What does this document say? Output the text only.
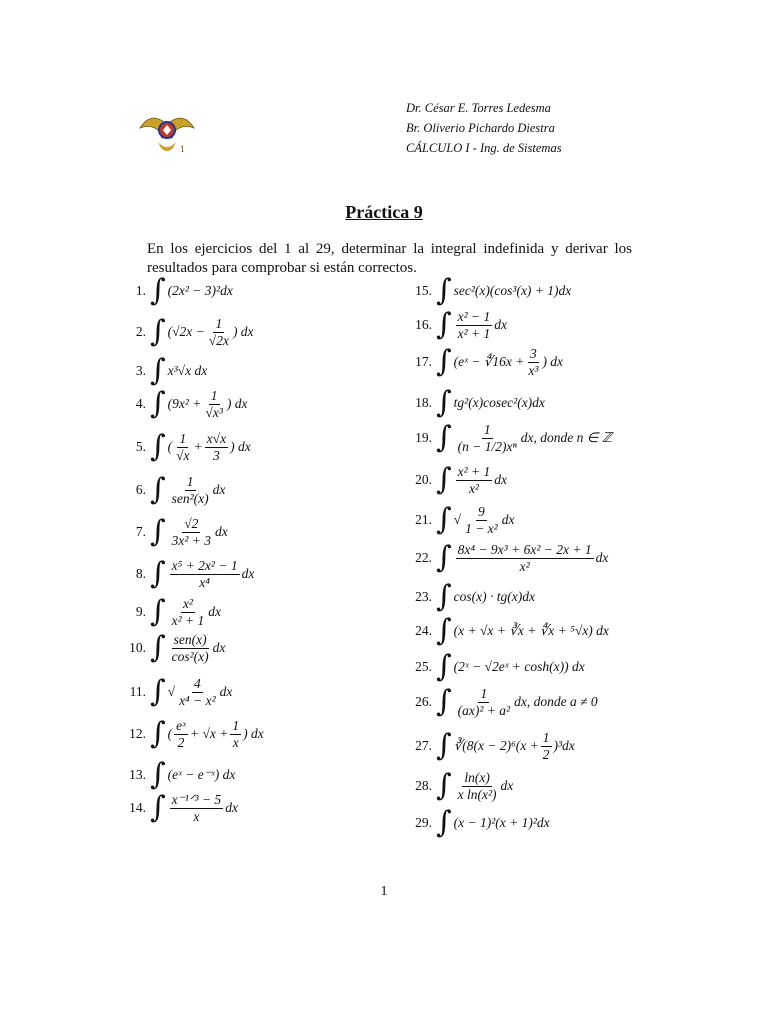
1
Dr. César E. Torres Ledesma
Br. Oliverio Pichardo Diestra
CÁLCULO I - Ing. de Sistemas
Práctica 9
En los ejercicios del 1 al 29, determinar la integral indefinida y derivar los resultados para comprobar si están correctos.
1. ∫ (2x² − 3)²dx
2. ∫ ($√2x - \frac{1}{√2x}$ ) dx
3. ∫ x³√x dx
4. ∫ ($9x^2 + \frac{1}{\text{√x³}}$ ) dx
5. ∫ ( $\frac{1}{√x} + \frac{x√x}{3}$ ) dx
6. ∫ $\frac{1}{\text{sen²(x)}}$ dx
7. ∫ $\frac{√2}{\text{3x² + 3}}$ dx
8. ∫ $\frac{\text{x⁵ + 2x² − 1}}{\text{x⁴}}$ dx
9. ∫ $\frac{\text{x²}}{\text{x² + 1}}$ dx
10. ∫ $\frac{\text{sen(x)}}{\text{cos²(x)}}$ dx
11. ∫ √ $\frac{4}{\text{x⁴ − x²}}$ dx
12. ∫ ( $\frac{\text{eˣ}}{2} + √x + \frac{1}{x}$ ) dx
13. ∫ (eˣ − e⁻ˣ) dx
14. ∫ $\frac{\text{x⁻¹ᐟ³ − 5}}{x}$ dx
15. ∫ sec²(x)(cos³(x) + 1)dx
16. ∫ $\frac{\text{x² − 1}}{\text{x² + 1}}$ dx
17. ∫ (eˣ − ∜16x + $\frac{3}{\text{x³}}$ ) dx
18. ∫ tg²(x)cosec²(x)dx
19. ∫ $\frac{1}{\text{(n − 1/2)xⁿ}}$ dx, donde n ∈ ℤ
20. ∫ $\frac{\text{x² + 1}}{\text{x²}}$ dx
21. ∫ √ $\frac{9}{\text{1 − x²}}$ dx
22. ∫ $\frac{\text{8x⁴ − 9x³ + 6x² − 2x + 1}}{\text{x²}}$ dx
23. ∫ cos(x) · tg(x)dx
24. ∫ (x + √x + ∛x + ∜x + ⁵√x) dx
25. ∫ (2ˣ − √2eˣ + cosh(x)) dx
26. ∫ $\frac{1}{\text{(ax)² + a²}}$ dx, donde a ≠ 0
27. ∫ ∛(8(x − $2)^6(x + \frac{1}{2} )^3dx$
28. ∫ $\frac{\ln(x)}{\text{x ln(x²)}}$ dx
29. ∫ (x − 1)²(x + 1)²dx
1
